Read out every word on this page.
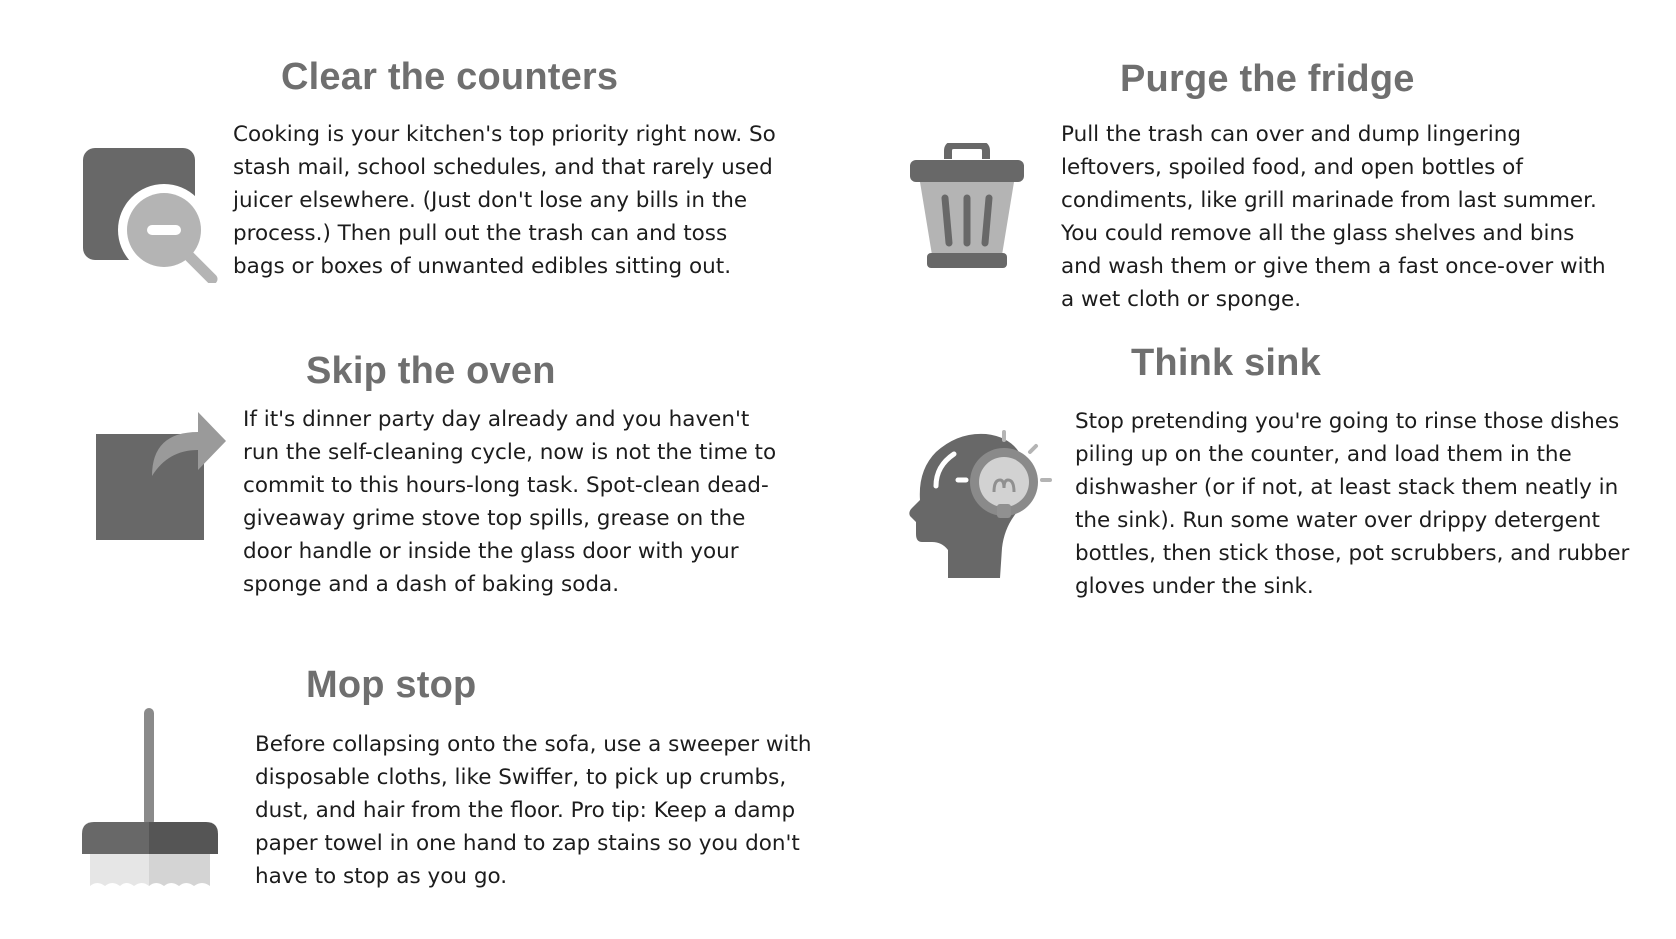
Clear the counters

Cooking is your kitchen's top priority right now. So stash mail, school schedules, and that rarely used juicer elsewhere. (Just don't lose any bills in the process.) Then pull out the trash can and toss bags or boxes of unwanted edibles sitting out.

Purge the fridge

Pull the trash can over and dump lingering leftovers, spoiled food, and open bottles of condiments, like grill marinade from last summer. You could remove all the glass shelves and bins and wash them or give them a fast once-over with a wet cloth or sponge.

Skip the oven

If it's dinner party day already and you haven't run the self-cleaning cycle, now is not the time to commit to this hours-long task. Spot-clean dead-giveaway grime stove top spills, grease on the door handle or inside the glass door with your sponge and a dash of baking soda.

Think sink

Stop pretending you're going to rinse those dishes piling up on the counter, and load them in the dishwasher (or if not, at least stack them neatly in the sink). Run some water over drippy detergent bottles, then stick those, pot scrubbers, and rubber gloves under the sink.

Mop stop

Before collapsing onto the sofa, use a sweeper with disposable cloths, like Swiffer, to pick up crumbs, dust, and hair from the floor. Pro tip: Keep a damp paper towel in one hand to zap stains so you don't have to stop as you go.
